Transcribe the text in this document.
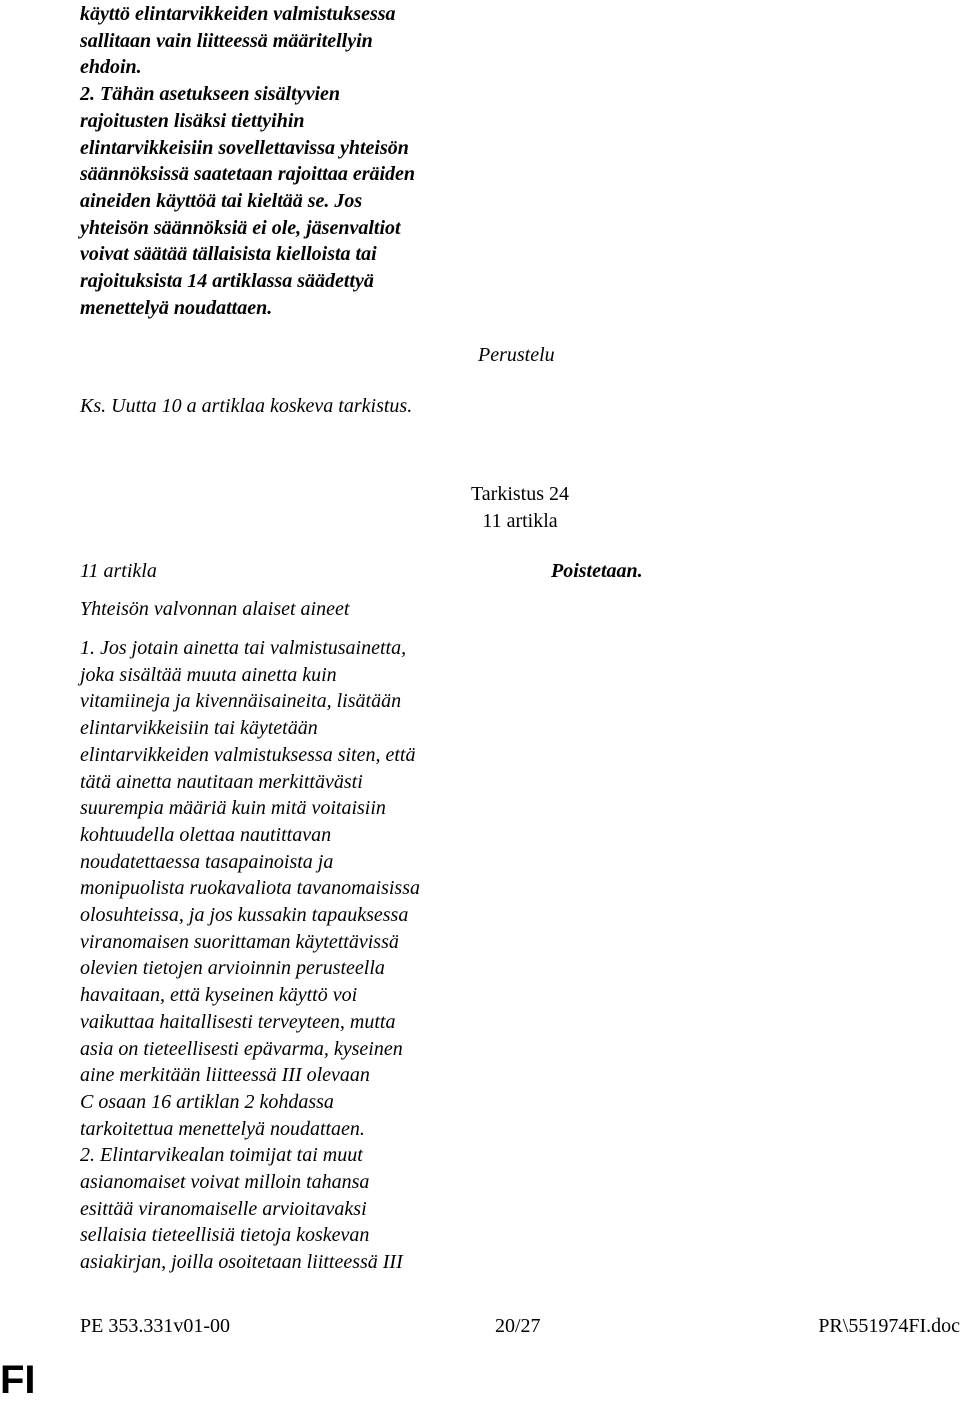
käyttö elintarvikkeiden valmistuksessa
sallitaan vain liitteessä määritellyin
ehdoin.
2. Tähän asetukseen sisältyvien
rajoitusten lisäksi tiettyihin
elintarvikkeisiin sovellettavissa yhteisön
säännöksissä saatetaan rajoittaa eräiden
aineiden käyttöä tai kieltää se. Jos
yhteisön säännöksiä ei ole, jäsenvaltiot
voivat säätää tällaisista kielloista tai
rajoituksista 14 artiklassa säädettyä
menettelyä noudattaen.
Perustelu
Ks. Uutta 10 a artiklaa koskeva tarkistus.
Tarkistus 24
11 artikla
11 artikla
Yhteisön valvonnan alaiset aineet
Poistetaan.
1. Jos jotain ainetta tai valmistusainetta,
joka sisältää muuta ainetta kuin
vitamiineja ja kivennäisaineita, lisätään
elintarvikkeisiin tai käytetään
elintarvikkeiden valmistuksessa siten, että
tätä ainetta nautitaan merkittävästi
suurempia määriä kuin mitä voitaisiin
kohtuudella olettaa nautittavan
noudatettaessa tasapainoista ja
monipuolista ruokavaliota tavanomaisissa
olosuhteissa, ja jos kussakin tapauksessa
viranomaisen suorittaman käytettävissä
olevien tietojen arvioinnin perusteella
havaitaan, että kyseinen käyttö voi
vaikuttaa haitallisesti terveyteen, mutta
asia on tieteellisesti epävarma, kyseinen
aine merkitään liitteessä III olevaan
C osaan 16 artiklan 2 kohdassa
tarkoitettua menettelyä noudattaen.
2. Elintarvikealan toimijat tai muut
asianomaiset voivat milloin tahansa
esittää viranomaiselle arvioitavaksi
sellaisia tieteellisiä tietoja koskevan
asiakirjan, joilla osoitetaan liitteessä III
PE 353.331v01-00	20/27	PR\551974FI.doc
FI
